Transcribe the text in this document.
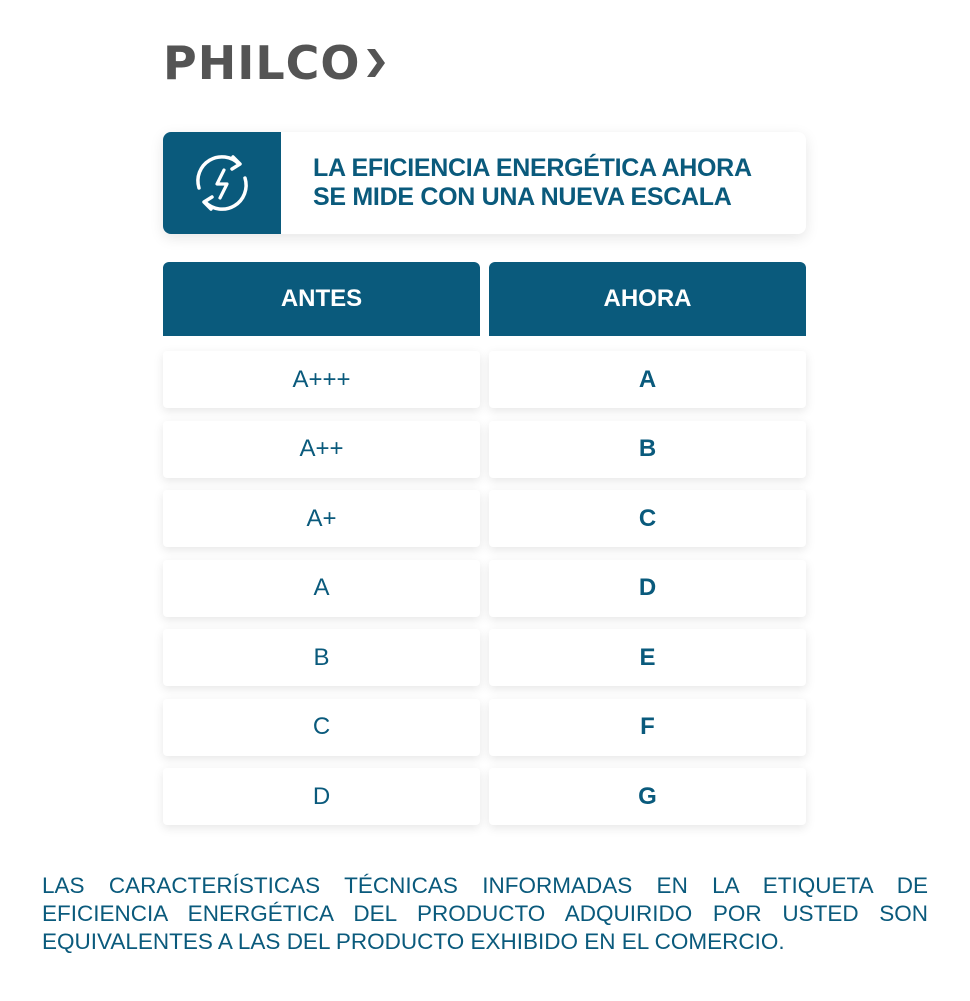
PHILCO
LA EFICIENCIA ENERGÉTICA AHORA
SE MIDE CON UNA NUEVA ESCALA
ANTES	AHORA
A+++	A
A++	B
A+	C
A	D
B	E
C	F
D	G
LAS CARACTERÍSTICAS TÉCNICAS INFORMADAS EN LA ETIQUETA DE EFICIENCIA ENERGÉTICA DEL PRODUCTO ADQUIRIDO POR USTED SON EQUIVALENTES A LAS DEL PRODUCTO EXHIBIDO EN EL COMERCIO.
